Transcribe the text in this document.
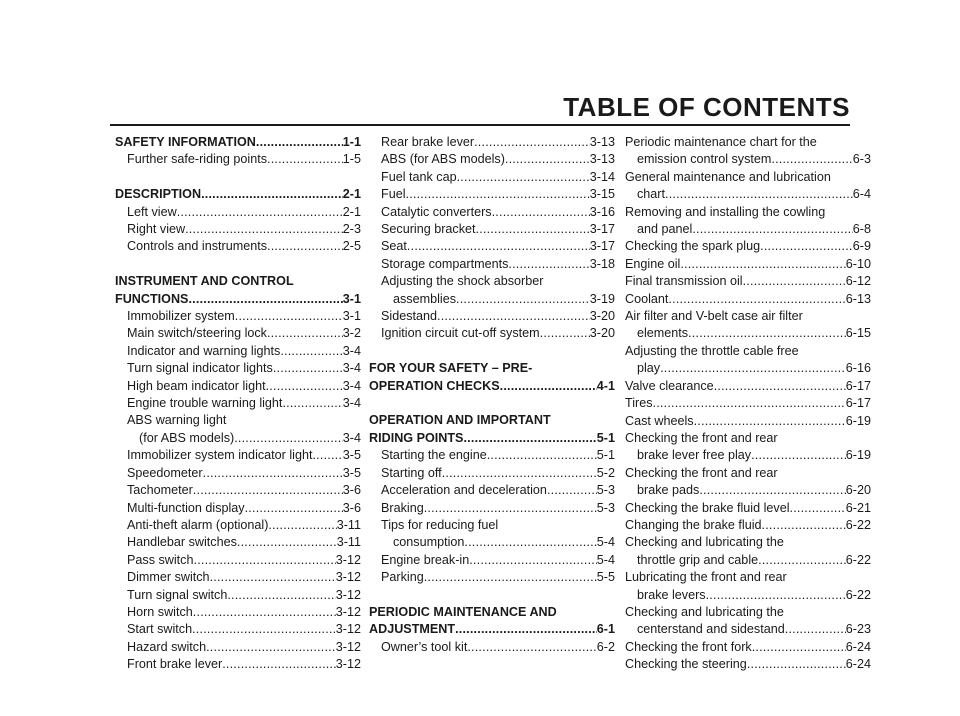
TABLE OF CONTENTS
SAFETY INFORMATION .....	1-1
Further safe-riding points .....	1-5
DESCRIPTION .....	2-1
Left view .....	2-1
Right view .....	2-3
Controls and instruments .....	2-5
INSTRUMENT AND CONTROL
FUNCTIONS .....	3-1
Immobilizer system .....	3-1
Main switch/steering lock .....	3-2
Indicator and warning lights .....	3-4
Turn signal indicator lights .....	3-4
High beam indicator light .....	3-4
Engine trouble warning light .....	3-4
ABS warning light
(for ABS models) .....	3-4
Immobilizer system indicator light ..... 3-5
Speedometer .....	3-5
Tachometer .....	3-6
Multi-function display .....	3-6
Anti-theft alarm (optional) .....	3-11
Handlebar switches .....	3-11
Pass switch .....	3-12
Dimmer switch .....	3-12
Turn signal switch .....	3-12
Horn switch .....	3-12
Start switch .....	3-12
Hazard switch .....	3-12
Front brake lever .....	3-12
Rear brake lever .....	3-13
ABS (for ABS models) .....	3-13
Fuel tank cap .....	3-14
Fuel .....	3-15
Catalytic converters .....	3-16
Securing bracket .....	3-17
Seat .....	3-17
Storage compartments .....	3-18
Adjusting the shock absorber
assemblies .....	3-19
Sidestand .....	3-20
Ignition circuit cut-off system .....	3-20
FOR YOUR SAFETY – PRE-
OPERATION CHECKS .....	4-1
OPERATION AND IMPORTANT
RIDING POINTS .....	5-1
Starting the engine .....	5-1
Starting off .....	5-2
Acceleration and deceleration .....	5-3
Braking .....	5-3
Tips for reducing fuel
consumption .....	5-4
Engine break-in .....	5-4
Parking .....	5-5
PERIODIC MAINTENANCE AND
ADJUSTMENT .....	6-1
Owner’s tool kit .....	6-2
Periodic maintenance chart for the
emission control system .....	6-3
General maintenance and lubrication
chart .....	6-4
Removing and installing the cowling
and panel .....	6-8
Checking the spark plug .....	6-9
Engine oil .....	6-10
Final transmission oil .....	6-12
Coolant .....	6-13
Air filter and V-belt case air filter
elements .....	6-15
Adjusting the throttle cable free
play .....	6-16
Valve clearance .....	6-17
Tires .....	6-17
Cast wheels .....	6-19
Checking the front and rear
brake lever free play .....	6-19
Checking the front and rear
brake pads .....	6-20
Checking the brake fluid level .....	6-21
Changing the brake fluid .....	6-22
Checking and lubricating the
throttle grip and cable .....	6-22
Lubricating the front and rear
brake levers .....	6-22
Checking and lubricating the
centerstand and sidestand .....	6-23
Checking the front fork .....	6-24
Checking the steering .....	6-24
